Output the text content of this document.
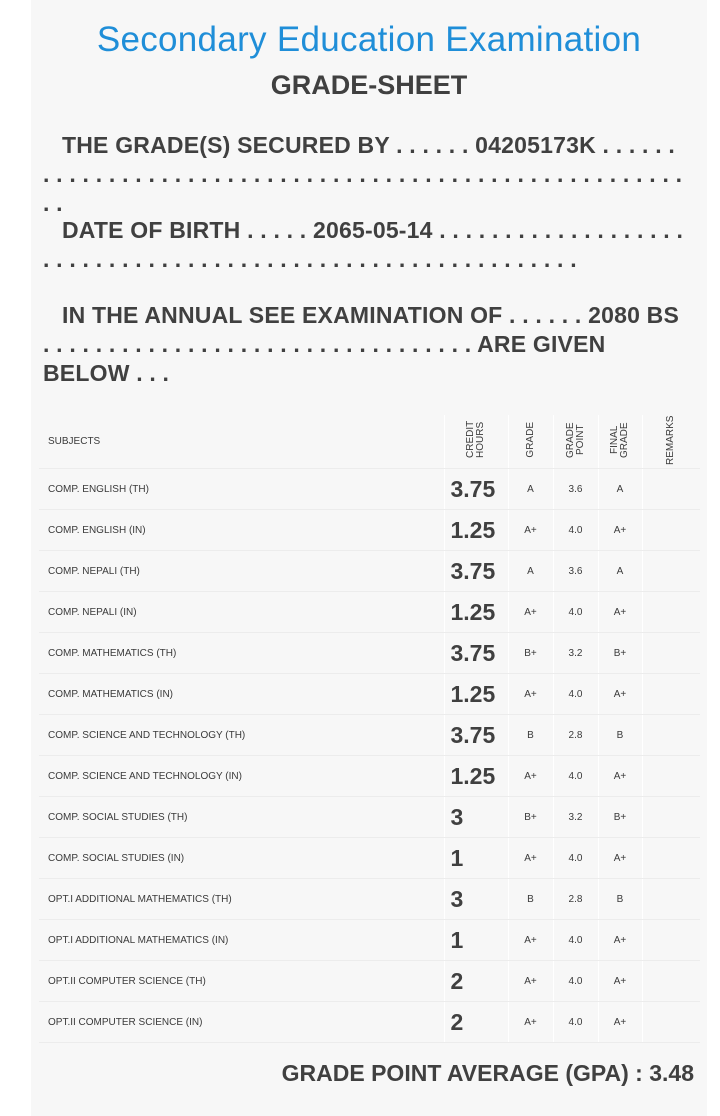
Secondary Education Examination
GRADE-SHEET
THE GRADE(S) SECURED BY . . . . . . 04205173K . . . . . . . . . . . . . . . . . . . . . . . . . . . . . . . . . . . . . . . . . . . . . . . . . . . . . . . . .
DATE OF BIRTH . . . . . 2065-05-14 . . . . . . . . . . . . . . . . . . . . . . . . . . . . . . . . . . . . . . . . . . . . . . . . . . . . . . . . . . . .
IN THE ANNUAL SEE EXAMINATION OF . . . . . . 2080 BS . . . . . . . . . . . . . . . . . . . . . . . . . . . . . . . . . ARE GIVEN BELOW . . .
SUBJECTS	CREDIT HOURS	GRADE	GRADE POINT	FINAL GRADE	REMARKS
COMP. ENGLISH (TH)	3.75	A	3.6	A	
COMP. ENGLISH (IN)	1.25	A+	4.0	A+	
COMP. NEPALI (TH)	3.75	A	3.6	A	
COMP. NEPALI (IN)	1.25	A+	4.0	A+	
COMP. MATHEMATICS (TH)	3.75	B+	3.2	B+	
COMP. MATHEMATICS (IN)	1.25	A+	4.0	A+	
COMP. SCIENCE AND TECHNOLOGY (TH)	3.75	B	2.8	B	
COMP. SCIENCE AND TECHNOLOGY (IN)	1.25	A+	4.0	A+	
COMP. SOCIAL STUDIES (TH)	3	B+	3.2	B+	
COMP. SOCIAL STUDIES (IN)	1	A+	4.0	A+	
OPT.I ADDITIONAL MATHEMATICS (TH)	3	B	2.8	B	
OPT.I ADDITIONAL MATHEMATICS (IN)	1	A+	4.0	A+	
OPT.II COMPUTER SCIENCE (TH)	2	A+	4.0	A+	
OPT.II COMPUTER SCIENCE (IN)	2	A+	4.0	A+	
GRADE POINT AVERAGE (GPA) : 3.48
